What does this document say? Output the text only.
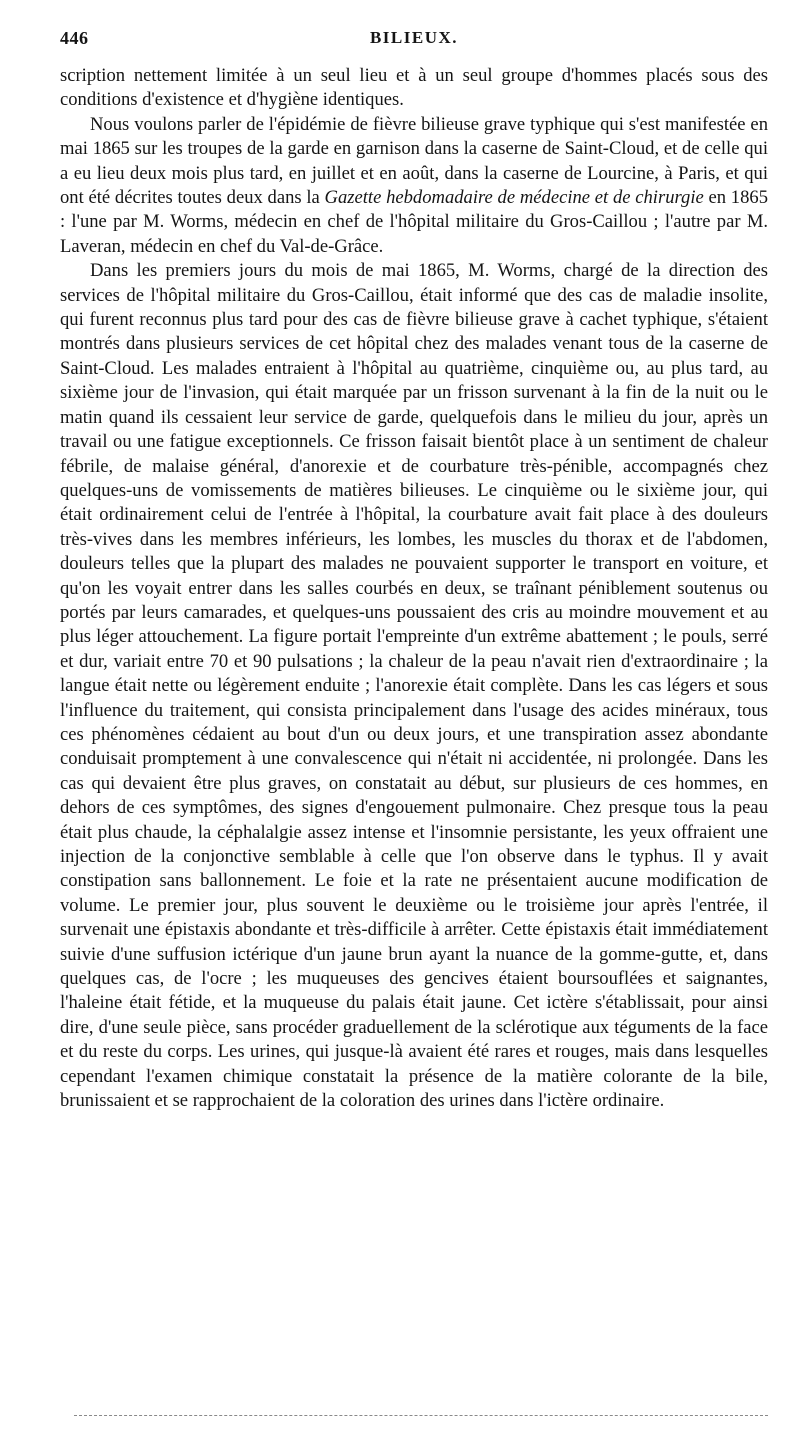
446	BILIEUX.

scription nettement limitée à un seul lieu et à un seul groupe d'hommes placés sous des conditions d'existence et d'hygiène identiques.

Nous voulons parler de l'épidémie de fièvre bilieuse grave typhique qui s'est manifestée en mai 1865 sur les troupes de la garde en garnison dans la caserne de Saint-Cloud, et de celle qui a eu lieu deux mois plus tard, en juillet et en août, dans la caserne de Lourcine, à Paris, et qui ont été décrites toutes deux dans la Gazette hebdomadaire de médecine et de chirurgie en 1865 : l'une par M. Worms, médecin en chef de l'hôpital militaire du Gros-Caillou ; l'autre par M. Laveran, médecin en chef du Val-de-Grâce.

Dans les premiers jours du mois de mai 1865, M. Worms, chargé de la direction des services de l'hôpital militaire du Gros-Caillou, était informé que des cas de maladie insolite, qui furent reconnus plus tard pour des cas de fièvre bilieuse grave à cachet typhique, s'étaient montrés dans plusieurs services de cet hôpital chez des malades venant tous de la caserne de Saint-Cloud. Les malades entraient à l'hôpital au quatrième, cinquième ou, au plus tard, au sixième jour de l'invasion, qui était marquée par un frisson survenant à la fin de la nuit ou le matin quand ils cessaient leur service de garde, quelquefois dans le milieu du jour, après un travail ou une fatigue exceptionnels. Ce frisson faisait bientôt place à un sentiment de chaleur fébrile, de malaise général, d'anorexie et de courbature très-pénible, accompagnés chez quelques-uns de vomissements de matières bilieuses. Le cinquième ou le sixième jour, qui était ordinairement celui de l'entrée à l'hôpital, la courbature avait fait place à des douleurs très-vives dans les membres inférieurs, les lombes, les muscles du thorax et de l'abdomen, douleurs telles que la plupart des malades ne pouvaient supporter le transport en voiture, et qu'on les voyait entrer dans les salles courbés en deux, se traînant péniblement soutenus ou portés par leurs camarades, et quelques-uns poussaient des cris au moindre mouvement et au plus léger attouchement. La figure portait l'empreinte d'un extrême abattement ; le pouls, serré et dur, variait entre 70 et 90 pulsations ; la chaleur de la peau n'avait rien d'extraordinaire ; la langue était nette ou légèrement enduite ; l'anorexie était complète. Dans les cas légers et sous l'influence du traitement, qui consista principalement dans l'usage des acides minéraux, tous ces phénomènes cédaient au bout d'un ou deux jours, et une transpiration assez abondante conduisait promptement à une convalescence qui n'était ni accidentée, ni prolongée. Dans les cas qui devaient être plus graves, on constatait au début, sur plusieurs de ces hommes, en dehors de ces symptômes, des signes d'engouement pulmonaire. Chez presque tous la peau était plus chaude, la céphalalgie assez intense et l'insomnie persistante, les yeux offraient une injection de la conjonctive semblable à celle que l'on observe dans le typhus. Il y avait constipation sans ballonnement. Le foie et la rate ne présentaient aucune modification de volume. Le premier jour, plus souvent le deuxième ou le troisième jour après l'entrée, il survenait une épistaxis abondante et très-difficile à arrêter. Cette épistaxis était immédiatement suivie d'une suffusion ictérique d'un jaune brun ayant la nuance de la gomme-gutte, et, dans quelques cas, de l'ocre ; les muqueuses des gencives étaient boursouflées et saignantes, l'haleine était fétide, et la muqueuse du palais était jaune. Cet ictère s'établissait, pour ainsi dire, d'une seule pièce, sans procéder graduellement de la sclérotique aux téguments de la face et du reste du corps. Les urines, qui jusque-là avaient été rares et rouges, mais dans lesquelles cependant l'examen chimique constatait la présence de la matière colorante de la bile, brunissaient et se rapprochaient de la coloration des urines dans l'ictère ordinaire.
